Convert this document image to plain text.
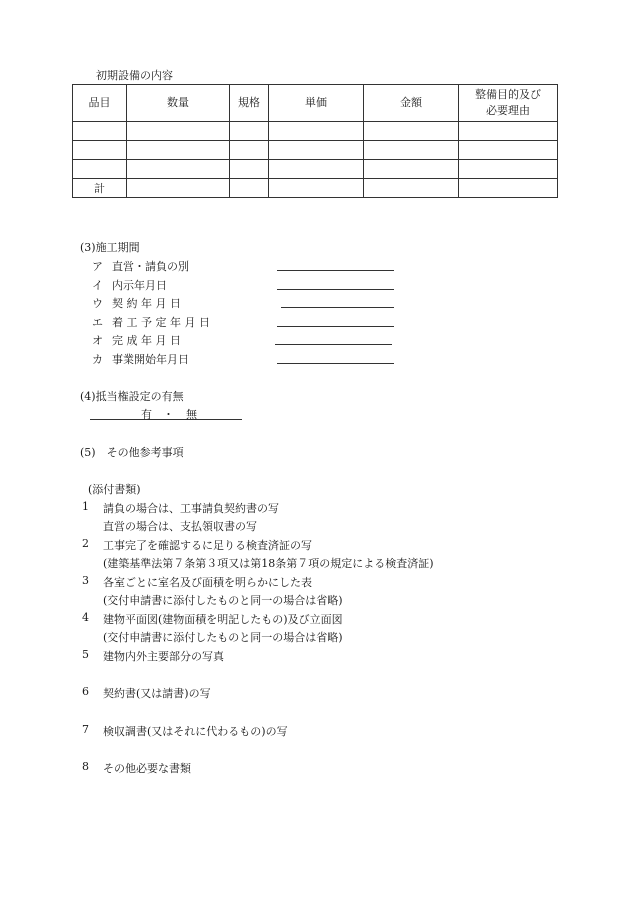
初期設備の内容
品目	数量	規格	単価	金額	整備目的及び
必要理由

計					
(3)施工期間
ア 直営・請負の別
イ 内示年月日
ウ 契 約 年 月 日
エ 着 工 予 定 年 月 日
オ 完 成 年 月 日
カ 事業開始年月日
(4)抵当権設定の有無
有 ・ 無
(5)　その他参考事項
(添付書類)
1 請負の場合は、工事請負契約書の写
直営の場合は、支払領収書の写
2 工事完了を確認するに足りる検査済証の写
(建築基準法第７条第３項又は第18条第７項の規定による検査済証)
3 各室ごとに室名及び面積を明らかにした表
(交付申請書に添付したものと同一の場合は省略)
4 建物平面図(建物面積を明記したもの)及び立面図
(交付申請書に添付したものと同一の場合は省略)
5 建物内外主要部分の写真
6 契約書(又は請書)の写
7 検収調書(又はそれに代わるもの)の写
8 その他必要な書類
